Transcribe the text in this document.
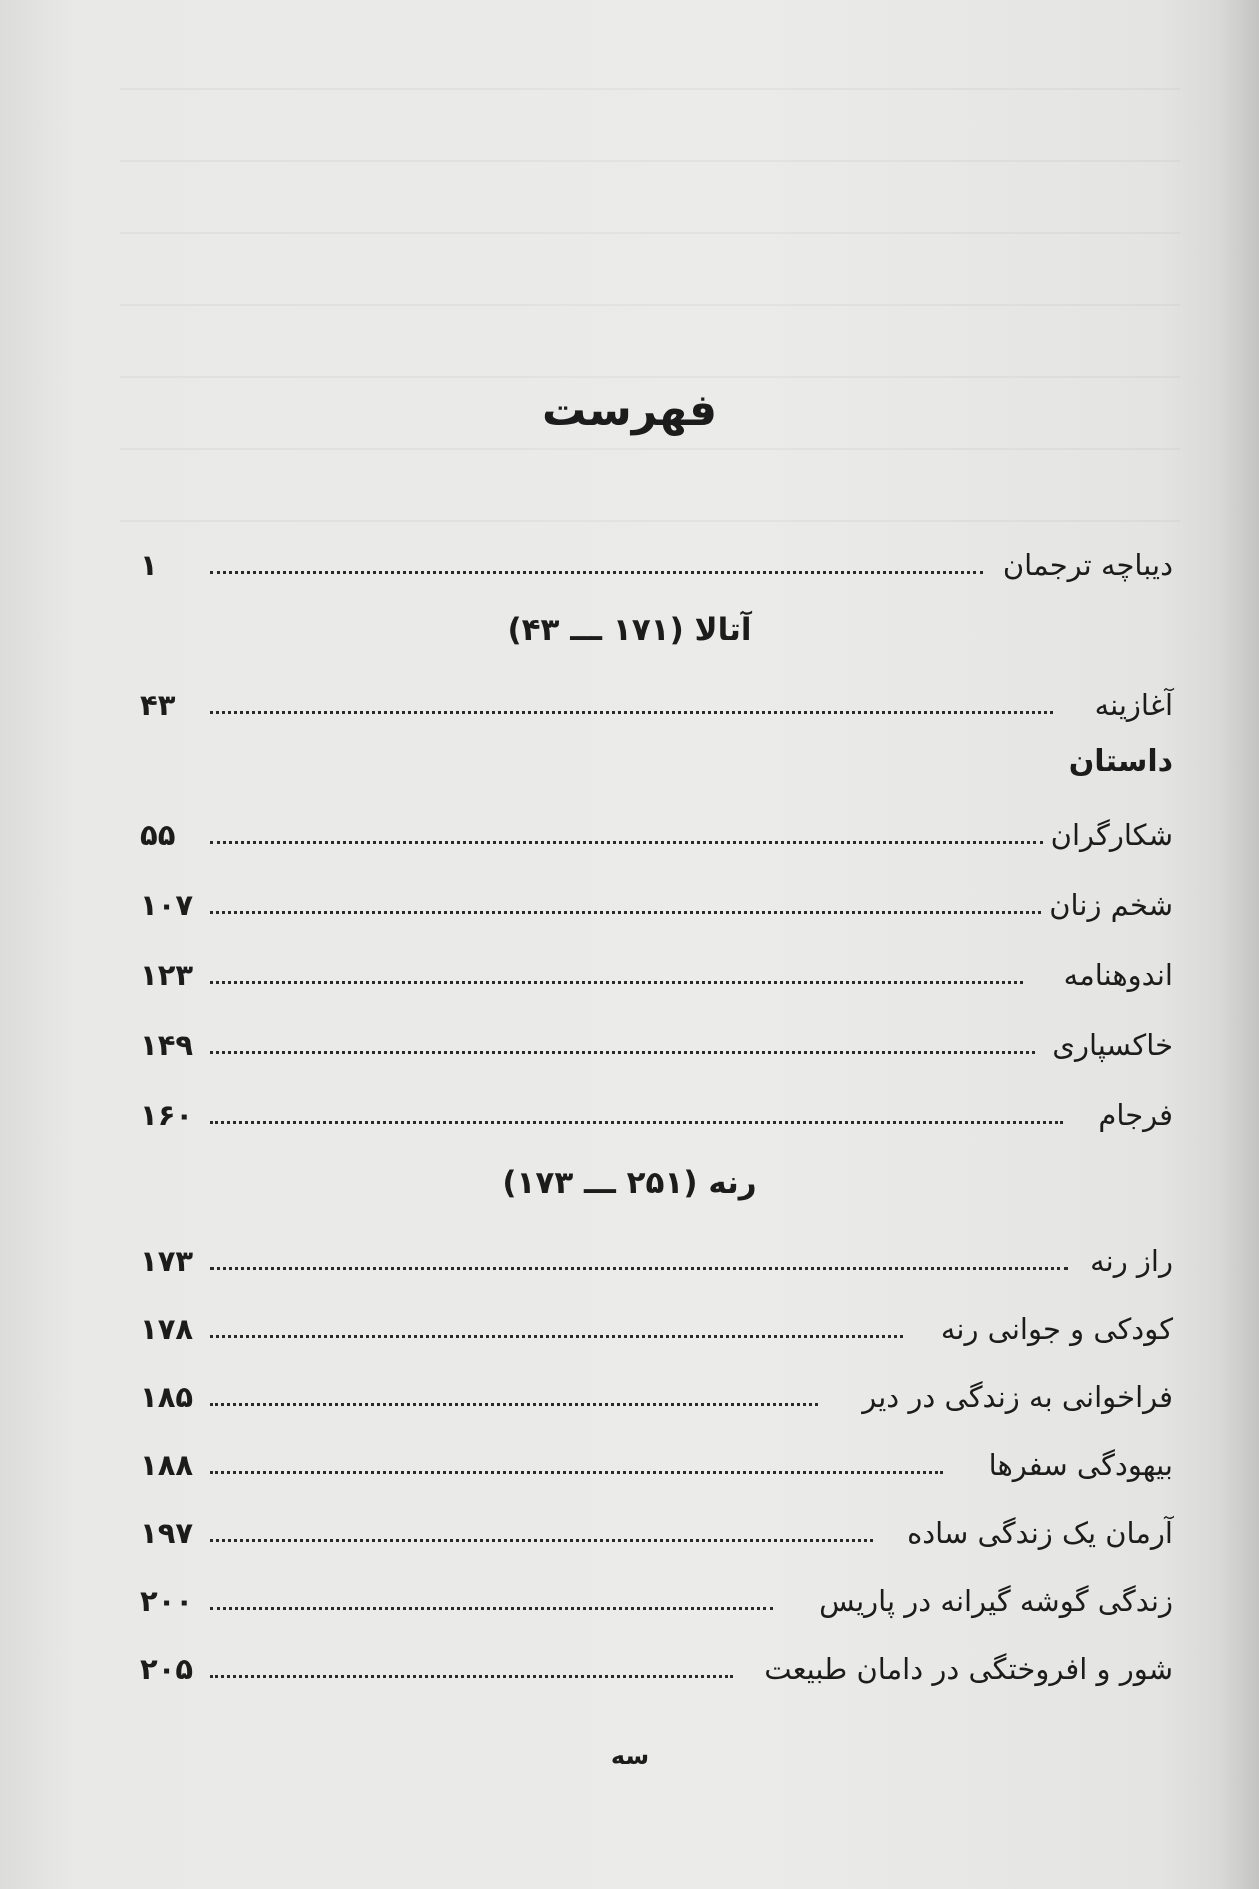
فهرست
دیباچه ترجمان
۱
آتالا (۱۷۱ ـــ ۴۳)
آغازینه
۴۳
داستان
شکارگران
۵۵
شخم زنان
۱۰۷
اندوهنامه
۱۲۳
خاکسپاری
۱۴۹
فرجام
۱۶۰
رنه (۲۵۱ ـــ ۱۷۳)
راز رنه
۱۷۳
کودکی و جوانی رنه
۱۷۸
فراخوانی به زندگی در دیر
۱۸۵
بیهودگی سفرها
۱۸۸
آرمان یک زندگی ساده
۱۹۷
زندگی گوشه گیرانه در پاریس
۲۰۰
شور و افروختگی در دامان طبیعت
۲۰۵
سه
